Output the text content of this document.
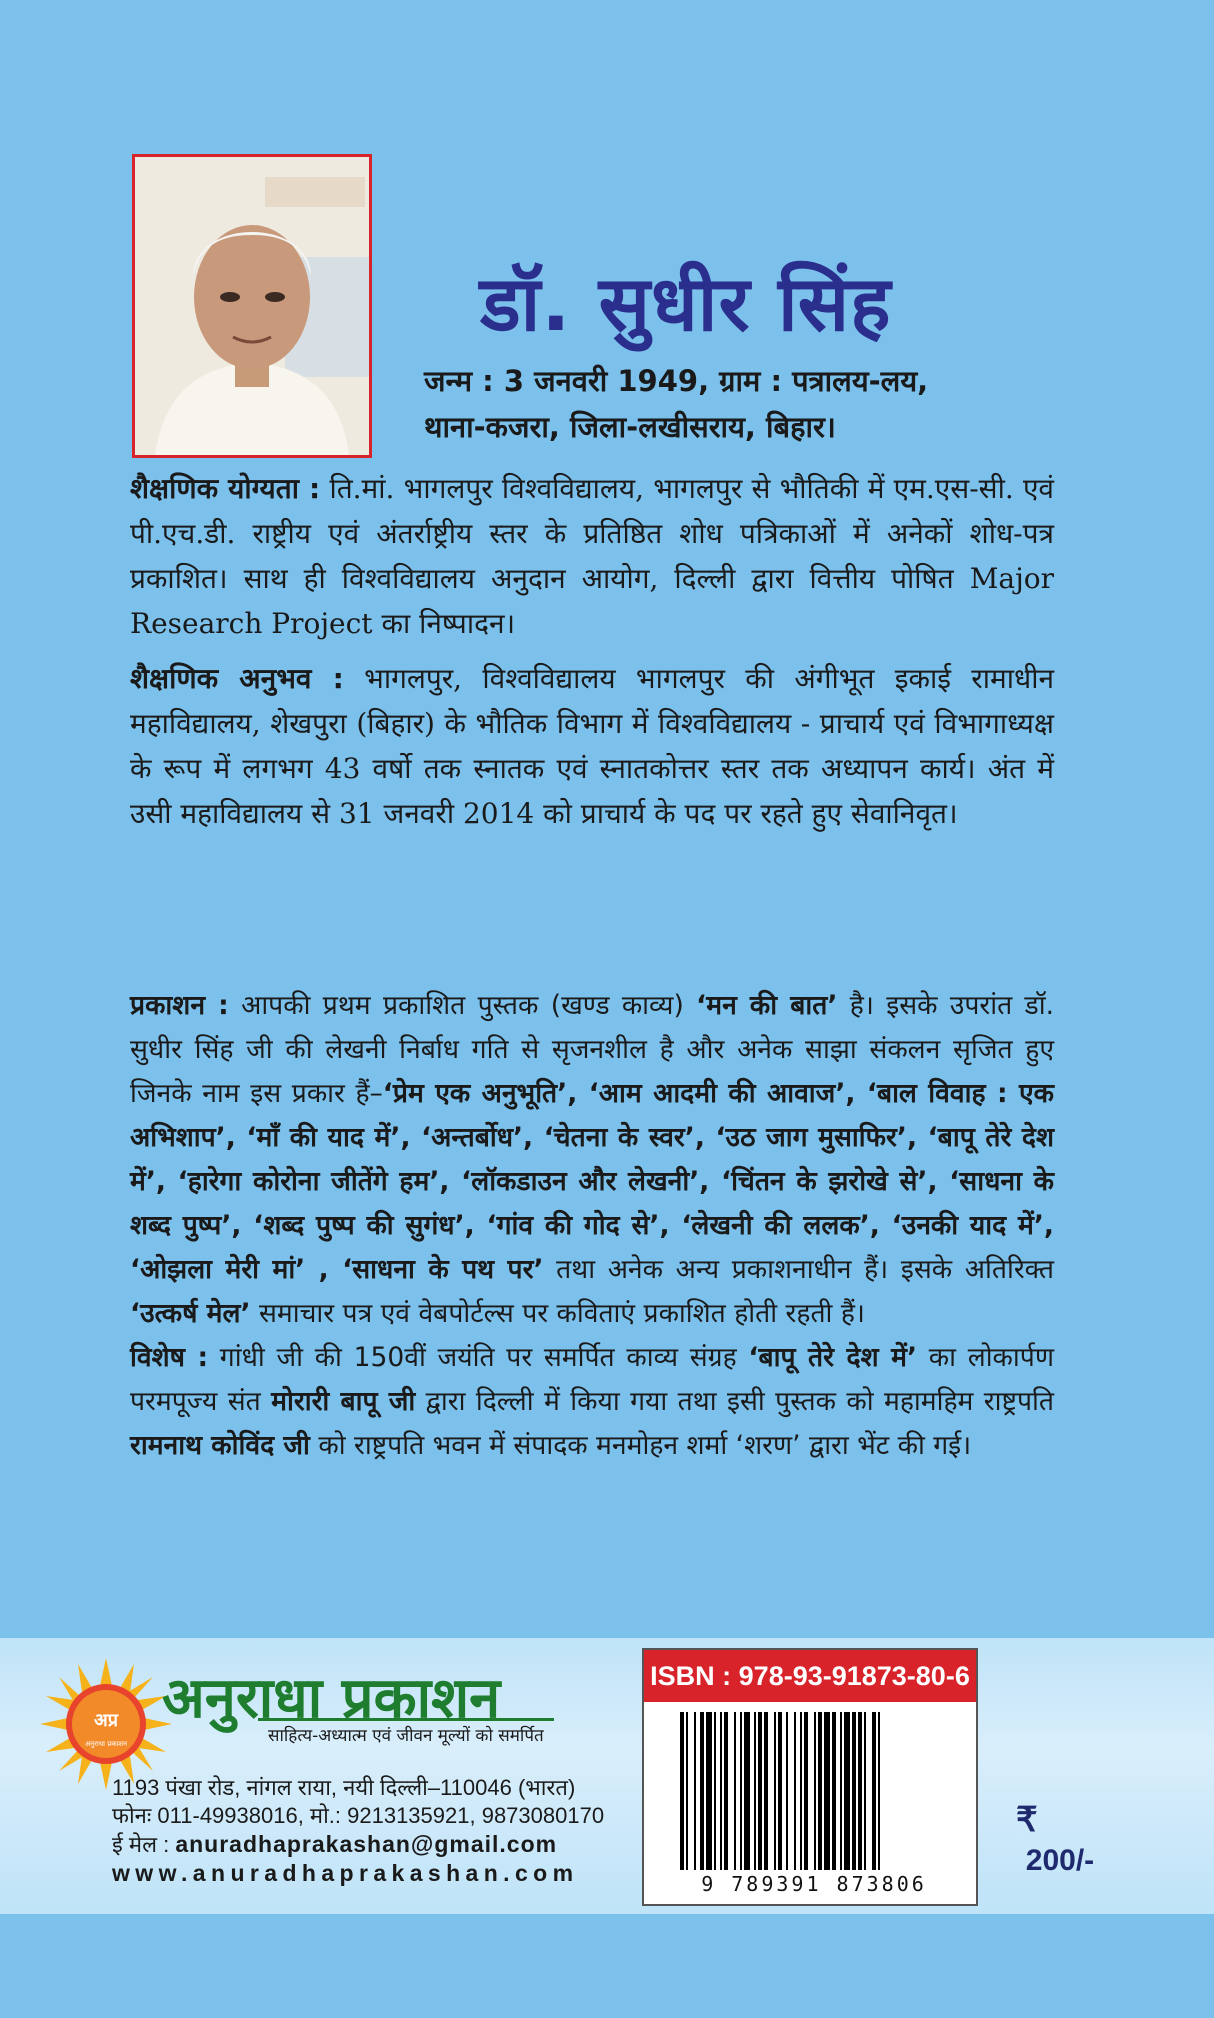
डॉ. सुधीर सिंह
जन्म : 3 जनवरी 1949, ग्राम : पत्रालय-लय,
थाना-कजरा, जिला-लखीसराय, बिहार।

शैक्षणिक योग्यता : ति.मां. भागलपुर विश्वविद्यालय, भागलपुर से भौतिकी में एम.एस-सी. एवं पी.एच.डी. राष्ट्रीय एवं अंतर्राष्ट्रीय स्तर के प्रतिष्ठित शोध पत्रिकाओं में अनेकों शोध-पत्र प्रकाशित। साथ ही विश्वविद्यालय अनुदान आयोग, दिल्ली द्वारा वित्तीय पोषित Major Research Project का निष्पादन।

शैक्षणिक अनुभव : भागलपुर, विश्वविद्यालय भागलपुर की अंगीभूत इकाई रामाधीन महाविद्यालय, शेखपुरा (बिहार) के भौतिक विभाग में विश्वविद्यालय - प्राचार्य एवं विभागाध्यक्ष के रूप में लगभग 43 वर्षो तक स्नातक एवं स्नातकोत्तर स्तर तक अध्यापन कार्य। अंत में उसी महाविद्यालय से 31 जनवरी 2014 को प्राचार्य के पद पर रहते हुए सेवानिवृत।

प्रकाशन : आपकी प्रथम प्रकाशित पुस्तक (खण्ड काव्य) ‘मन की बात’ है। इसके उपरांत डॉ. सुधीर सिंह जी की लेखनी निर्बाध गति से सृजनशील है और अनेक साझा संकलन सृजित हुए जिनके नाम इस प्रकार हैं–‘प्रेम एक अनुभूति’, ‘आम आदमी की आवाज’, ‘बाल विवाह : एक अभिशाप’, ‘माँ की याद में’, ‘अन्तर्बोध’, ‘चेतना के स्वर’, ‘उठ जाग मुसाफिर’, ‘बापू तेरे देश में’, ‘हारेगा कोरोना जीतेंगे हम’, ‘लॉकडाउन और लेखनी’, ‘चिंतन के झरोखे से’, ‘साधना के शब्द पुष्प’, ‘शब्द पुष्प की सुगंध’, ‘गांव की गोद से’, ‘लेखनी की ललक’, ‘उनकी याद में’, ‘ओझला मेरी मां’ , ‘साधना के पथ पर’ तथा अनेक अन्य प्रकाशनाधीन हैं। इसके अतिरिक्त ‘उत्कर्ष मेल’ समाचार पत्र एवं वेबपोर्टल्स पर कविताएं प्रकाशित होती रहती हैं।

विशेष : गांधी जी की 150वीं जयंति पर समर्पित काव्य संग्रह ‘बापू तेरे देश में’ का लोकार्पण परमपूज्य संत मोरारी बापू जी द्वारा दिल्ली में किया गया तथा इसी पुस्तक को महामहिम राष्ट्रपति रामनाथ कोविंद जी को राष्ट्रपति भवन में संपादक मनमोहन शर्मा ‘शरण’ द्वारा भेंट की गई।

अप्र
अनुराधा प्रकाशन
अनुराधा प्रकाशन
साहित्य-अध्यात्म एवं जीवन मूल्यों को समर्पित
1193 पंखा रोड, नांगल राया, नयी दिल्ली–110046 (भारत)
फोनः 011-49938016, मो.: 9213135921, 9873080170
ई मेल : anuradhaprakashan@gmail.com
www.anuradhaprakashan.com
ISBN : 978-93-91873-80-6
9 789391 873806
₹
200/-
